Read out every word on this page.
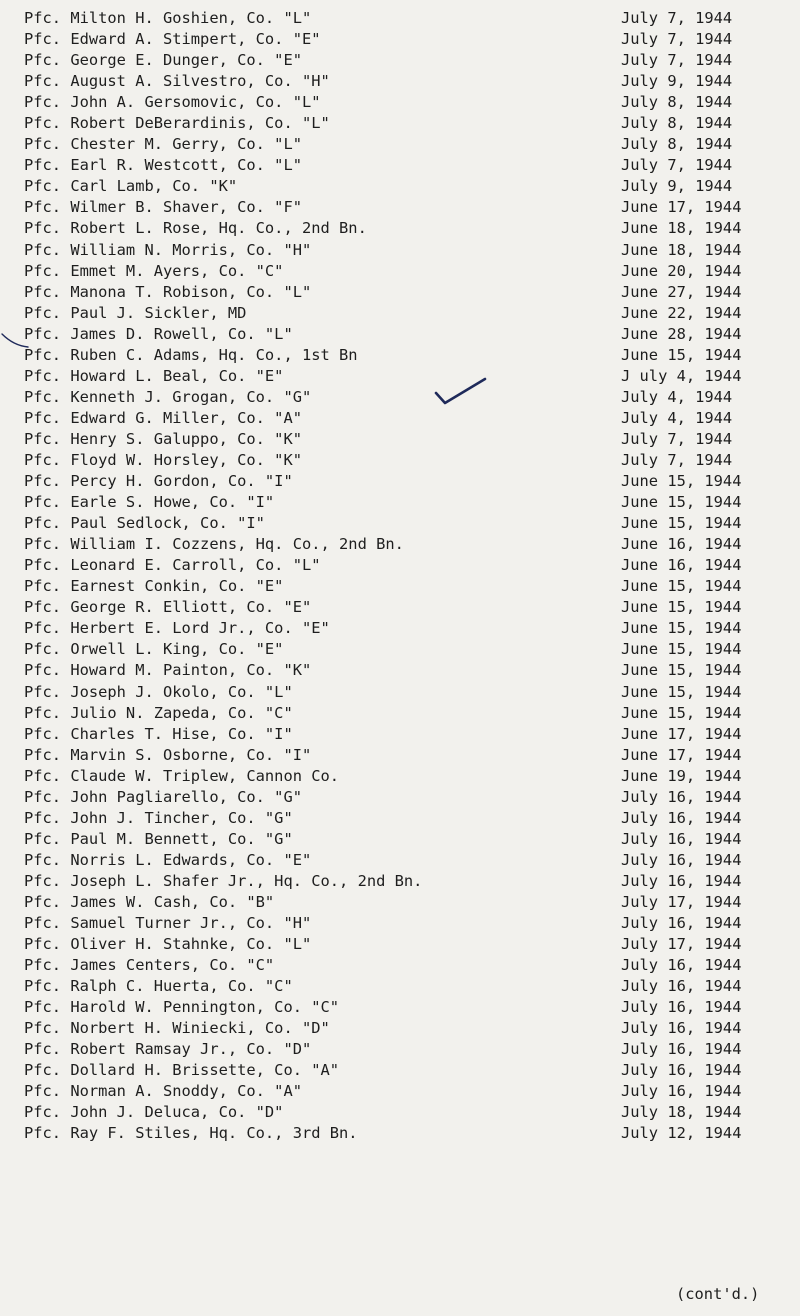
Pfc. Milton H. Goshien, Co. "L"	July 7, 1944
Pfc. Edward A. Stimpert, Co. "E"	July 7, 1944
Pfc. George E. Dunger, Co. "E"	July 7, 1944
Pfc. August A. Silvestro, Co. "H"	July 9, 1944
Pfc. John A. Gersomovic, Co. "L"	July 8, 1944
Pfc. Robert DeBerardinis, Co. "L"	July 8, 1944
Pfc. Chester M. Gerry, Co. "L"	July 8, 1944
Pfc. Earl R. Westcott, Co. "L"	July 7, 1944
Pfc. Carl Lamb, Co. "K"	July 9, 1944
Pfc. Wilmer B. Shaver, Co. "F"	June 17, 1944
Pfc. Robert L. Rose, Hq. Co., 2nd Bn.	June 18, 1944
Pfc. William N. Morris, Co. "H"	June 18, 1944
Pfc. Emmet M. Ayers, Co. "C"	June 20, 1944
Pfc. Manona T. Robison, Co. "L"	June 27, 1944
Pfc. Paul J. Sickler, MD	June 22, 1944
Pfc. James D. Rowell, Co. "L"	June 28, 1944
Pfc. Ruben C. Adams, Hq. Co., 1st Bn	June 15, 1944
Pfc. Howard L. Beal, Co. "E"	J uly 4, 1944
Pfc. Kenneth J. Grogan, Co. "G"	July 4, 1944
Pfc. Edward G. Miller, Co. "A"	July 4, 1944
Pfc. Henry S. Galuppo, Co. "K"	July 7, 1944
Pfc. Floyd W. Horsley, Co. "K"	July 7, 1944
Pfc. Percy H. Gordon, Co. "I"	June 15, 1944
Pfc. Earle S. Howe, Co. "I"	June 15, 1944
Pfc. Paul Sedlock, Co. "I"	June 15, 1944
Pfc. William I. Cozzens, Hq. Co., 2nd Bn.	June 16, 1944
Pfc. Leonard E. Carroll, Co. "L"	June 16, 1944
Pfc. Earnest Conkin, Co. "E"	June 15, 1944
Pfc. George R. Elliott, Co. "E"	June 15, 1944
Pfc. Herbert E. Lord Jr., Co. "E"	June 15, 1944
Pfc. Orwell L. King, Co. "E"	June 15, 1944
Pfc. Howard M. Painton, Co. "K"	June 15, 1944
Pfc. Joseph J. Okolo, Co. "L"	June 15, 1944
Pfc. Julio N. Zapeda, Co. "C"	June 15, 1944
Pfc. Charles T. Hise, Co. "I"	June 17, 1944
Pfc. Marvin S. Osborne, Co. "I"	June 17, 1944
Pfc. Claude W. Triplew, Cannon Co.	June 19, 1944
Pfc. John Pagliarello, Co. "G"	July 16, 1944
Pfc. John J. Tincher, Co. "G"	July 16, 1944
Pfc. Paul M. Bennett, Co. "G"	July 16, 1944
Pfc. Norris L. Edwards, Co. "E"	July 16, 1944
Pfc. Joseph L. Shafer Jr., Hq. Co., 2nd Bn.	July 16, 1944
Pfc. James W. Cash, Co. "B"	July 17, 1944
Pfc. Samuel Turner Jr., Co. "H"	July 16, 1944
Pfc. Oliver H. Stahnke, Co. "L"	July 17, 1944
Pfc. James Centers, Co. "C"	July 16, 1944
Pfc. Ralph C. Huerta, Co. "C"	July 16, 1944
Pfc. Harold W. Pennington, Co. "C"	July 16, 1944
Pfc. Norbert H. Winiecki, Co. "D"	July 16, 1944
Pfc. Robert Ramsay Jr., Co. "D"	July 16, 1944
Pfc. Dollard H. Brissette, Co. "A"	July 16, 1944
Pfc. Norman A. Snoddy, Co. "A"	July 16, 1944
Pfc. John J. Deluca, Co. "D"	July 18, 1944
Pfc. Ray F. Stiles, Hq. Co., 3rd Bn.	July 12, 1944
(cont'd.)
